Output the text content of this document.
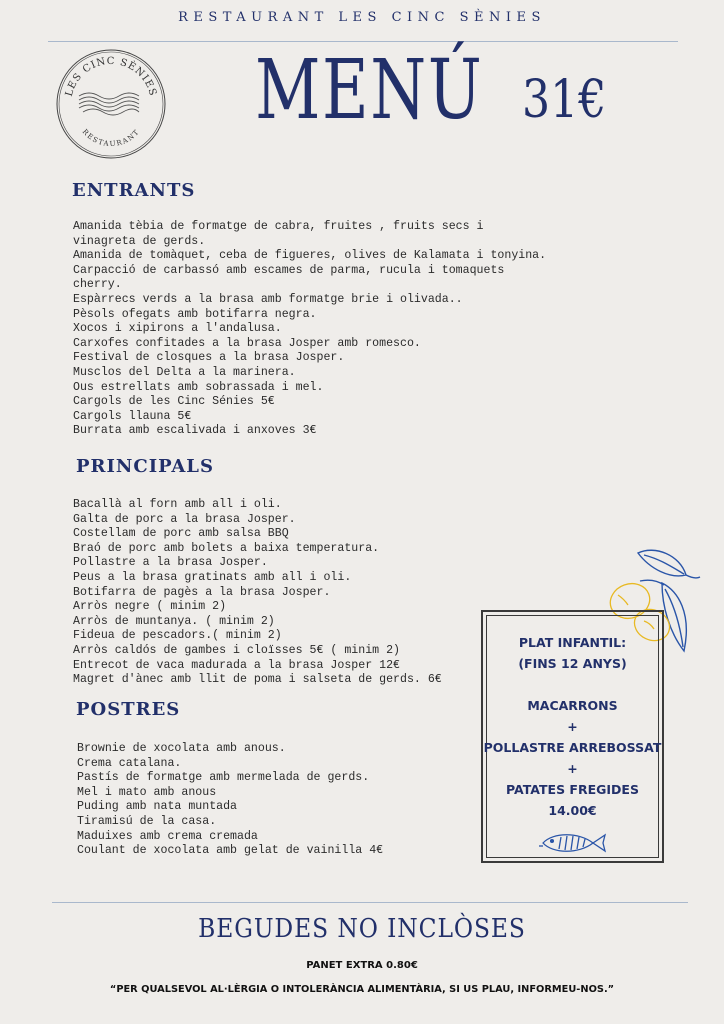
RESTAURANT LES CINC SÈNIES
LES CINC SÈNIES
RESTAURANT MENÚ 31€
ENTRANTS
Amanida tèbia de formatge de cabra, fruites , fruits secs i vinagreta de gerds.
Amanida de tomàquet, ceba de figueres, olives de Kalamata i tonyina.
Carpacció de carbassó amb escames de parma, rucula i tomaquets cherry.
Espàrrecs verds a la brasa amb formatge brie i olivada..
Pèsols ofegats amb botifarra negra.
Xocos i xipirons a l'andalusa.
Carxofes confitades a la brasa Josper amb romesco.
Festival de closques a la brasa Josper.
Musclos del Delta a la marinera.
Ous estrellats amb sobrassada i mel.
Cargols de les Cinc Sénies 5€
Cargols llauna 5€
Burrata amb escalivada i anxoves 3€
PRINCIPALS
Bacallà al forn amb all i oli.
Galta de porc a la brasa Josper.
Costellam de porc amb salsa BBQ
Braó de porc amb bolets a baixa temperatura.
Pollastre a la brasa Josper.
Peus a la brasa gratinats amb all i oli.
Botifarra de pagès a la brasa Josper.
Arròs negre ( minim 2)
Arròs de muntanya. ( minim 2)
Fideua de pescadors.( minim 2)
Arròs caldós de gambes i cloïsses 5€ ( minim 2)
Entrecot de vaca madurada a la brasa Josper 12€
Magret d'ànec amb llit de poma i salseta de gerds. 6€
POSTRES
Brownie de xocolata amb anous.
Crema catalana.
Pastís de formatge amb mermelada de gerds.
Mel i mato amb anous
Puding amb nata muntada
Tiramisú de la casa.
Maduixes amb crema cremada
Coulant de xocolata amb gelat de vainilla 4€
PLAT INFANTIL:
(FINS 12 ANYS)
MACARRONS
+
POLLASTRE ARREBOSSAT
+
PATATES FREGIDES
14.00€
BEGUDES NO INCLÒSES
PANET EXTRA 0.80€
“PER QUALSEVOL AL·LÈRGIA O INTOLERÀNCIA ALIMENTÀRIA, SI US PLAU, INFORMEU-NOS.”
